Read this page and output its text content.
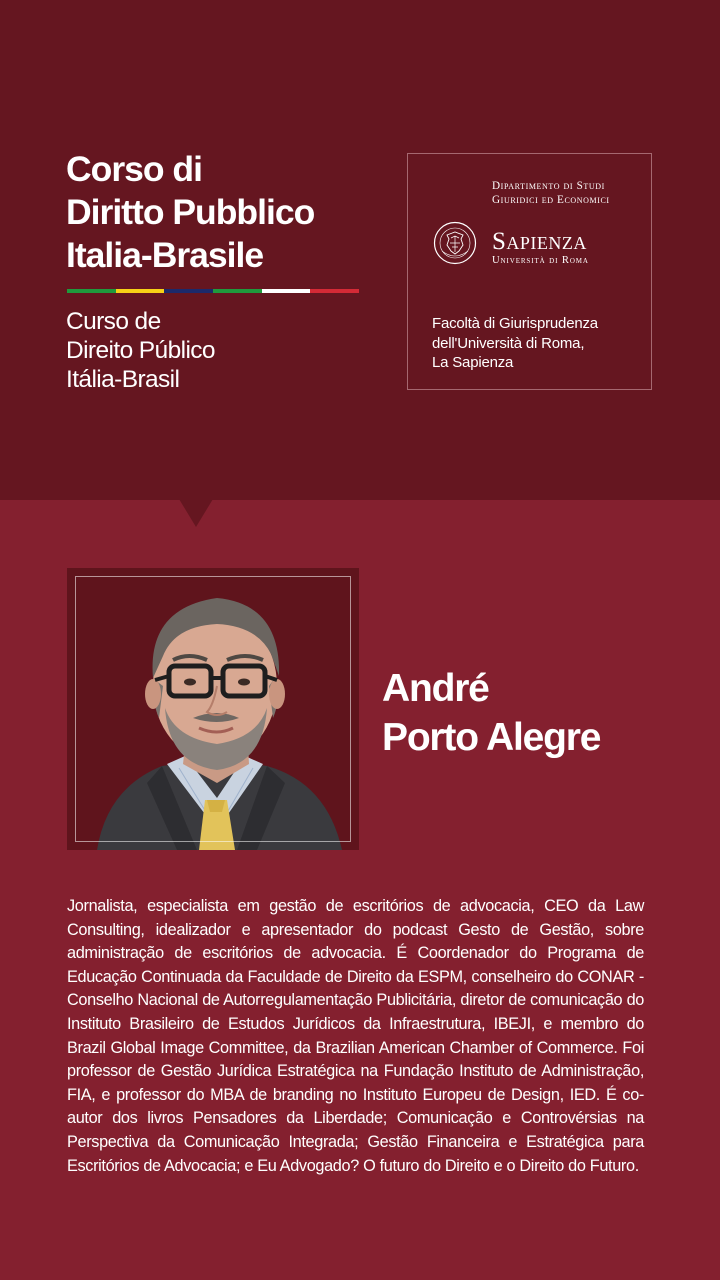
Corso di
Diritto Pubblico
Italia-Brasile
Curso de
Direito Público
Itália-Brasil
Dipartimento di Studi
Giuridici ed Economici
Sapienza
Università di Roma
Facoltà di Giurisprudenza
dell'Università di Roma,
La Sapienza
André
Porto Alegre

Jornalista, especialista em gestão de escritórios de advocacia, CEO da Law Consulting, idealizador e apresentador do podcast Gesto de Gestão, sobre administração de escritórios de advocacia. É Coordenador do Programa de Educação Continuada da Faculdade de Direito da ESPM, conselheiro do CONAR - Conselho Nacional de Autorregulamentação Publicitária, diretor de comunicação do Instituto Brasileiro de Estudos Jurídicos da Infraestrutura, IBEJI, e membro do Brazil Global Image Committee, da Brazilian American Chamber of Commerce. Foi professor de Gestão Jurídica Estratégica na Fundação Instituto de Administração, FIA, e professor do MBA de branding no Instituto Europeu de Design, IED. É co-autor dos livros Pensadores da Liberdade; Comunicação e Controvérsias na Perspectiva da Comunicação Integrada; Gestão Financeira e Estratégica para Escritórios de Advocacia; e Eu Advogado? O futuro do Direito e o Direito do Futuro.
